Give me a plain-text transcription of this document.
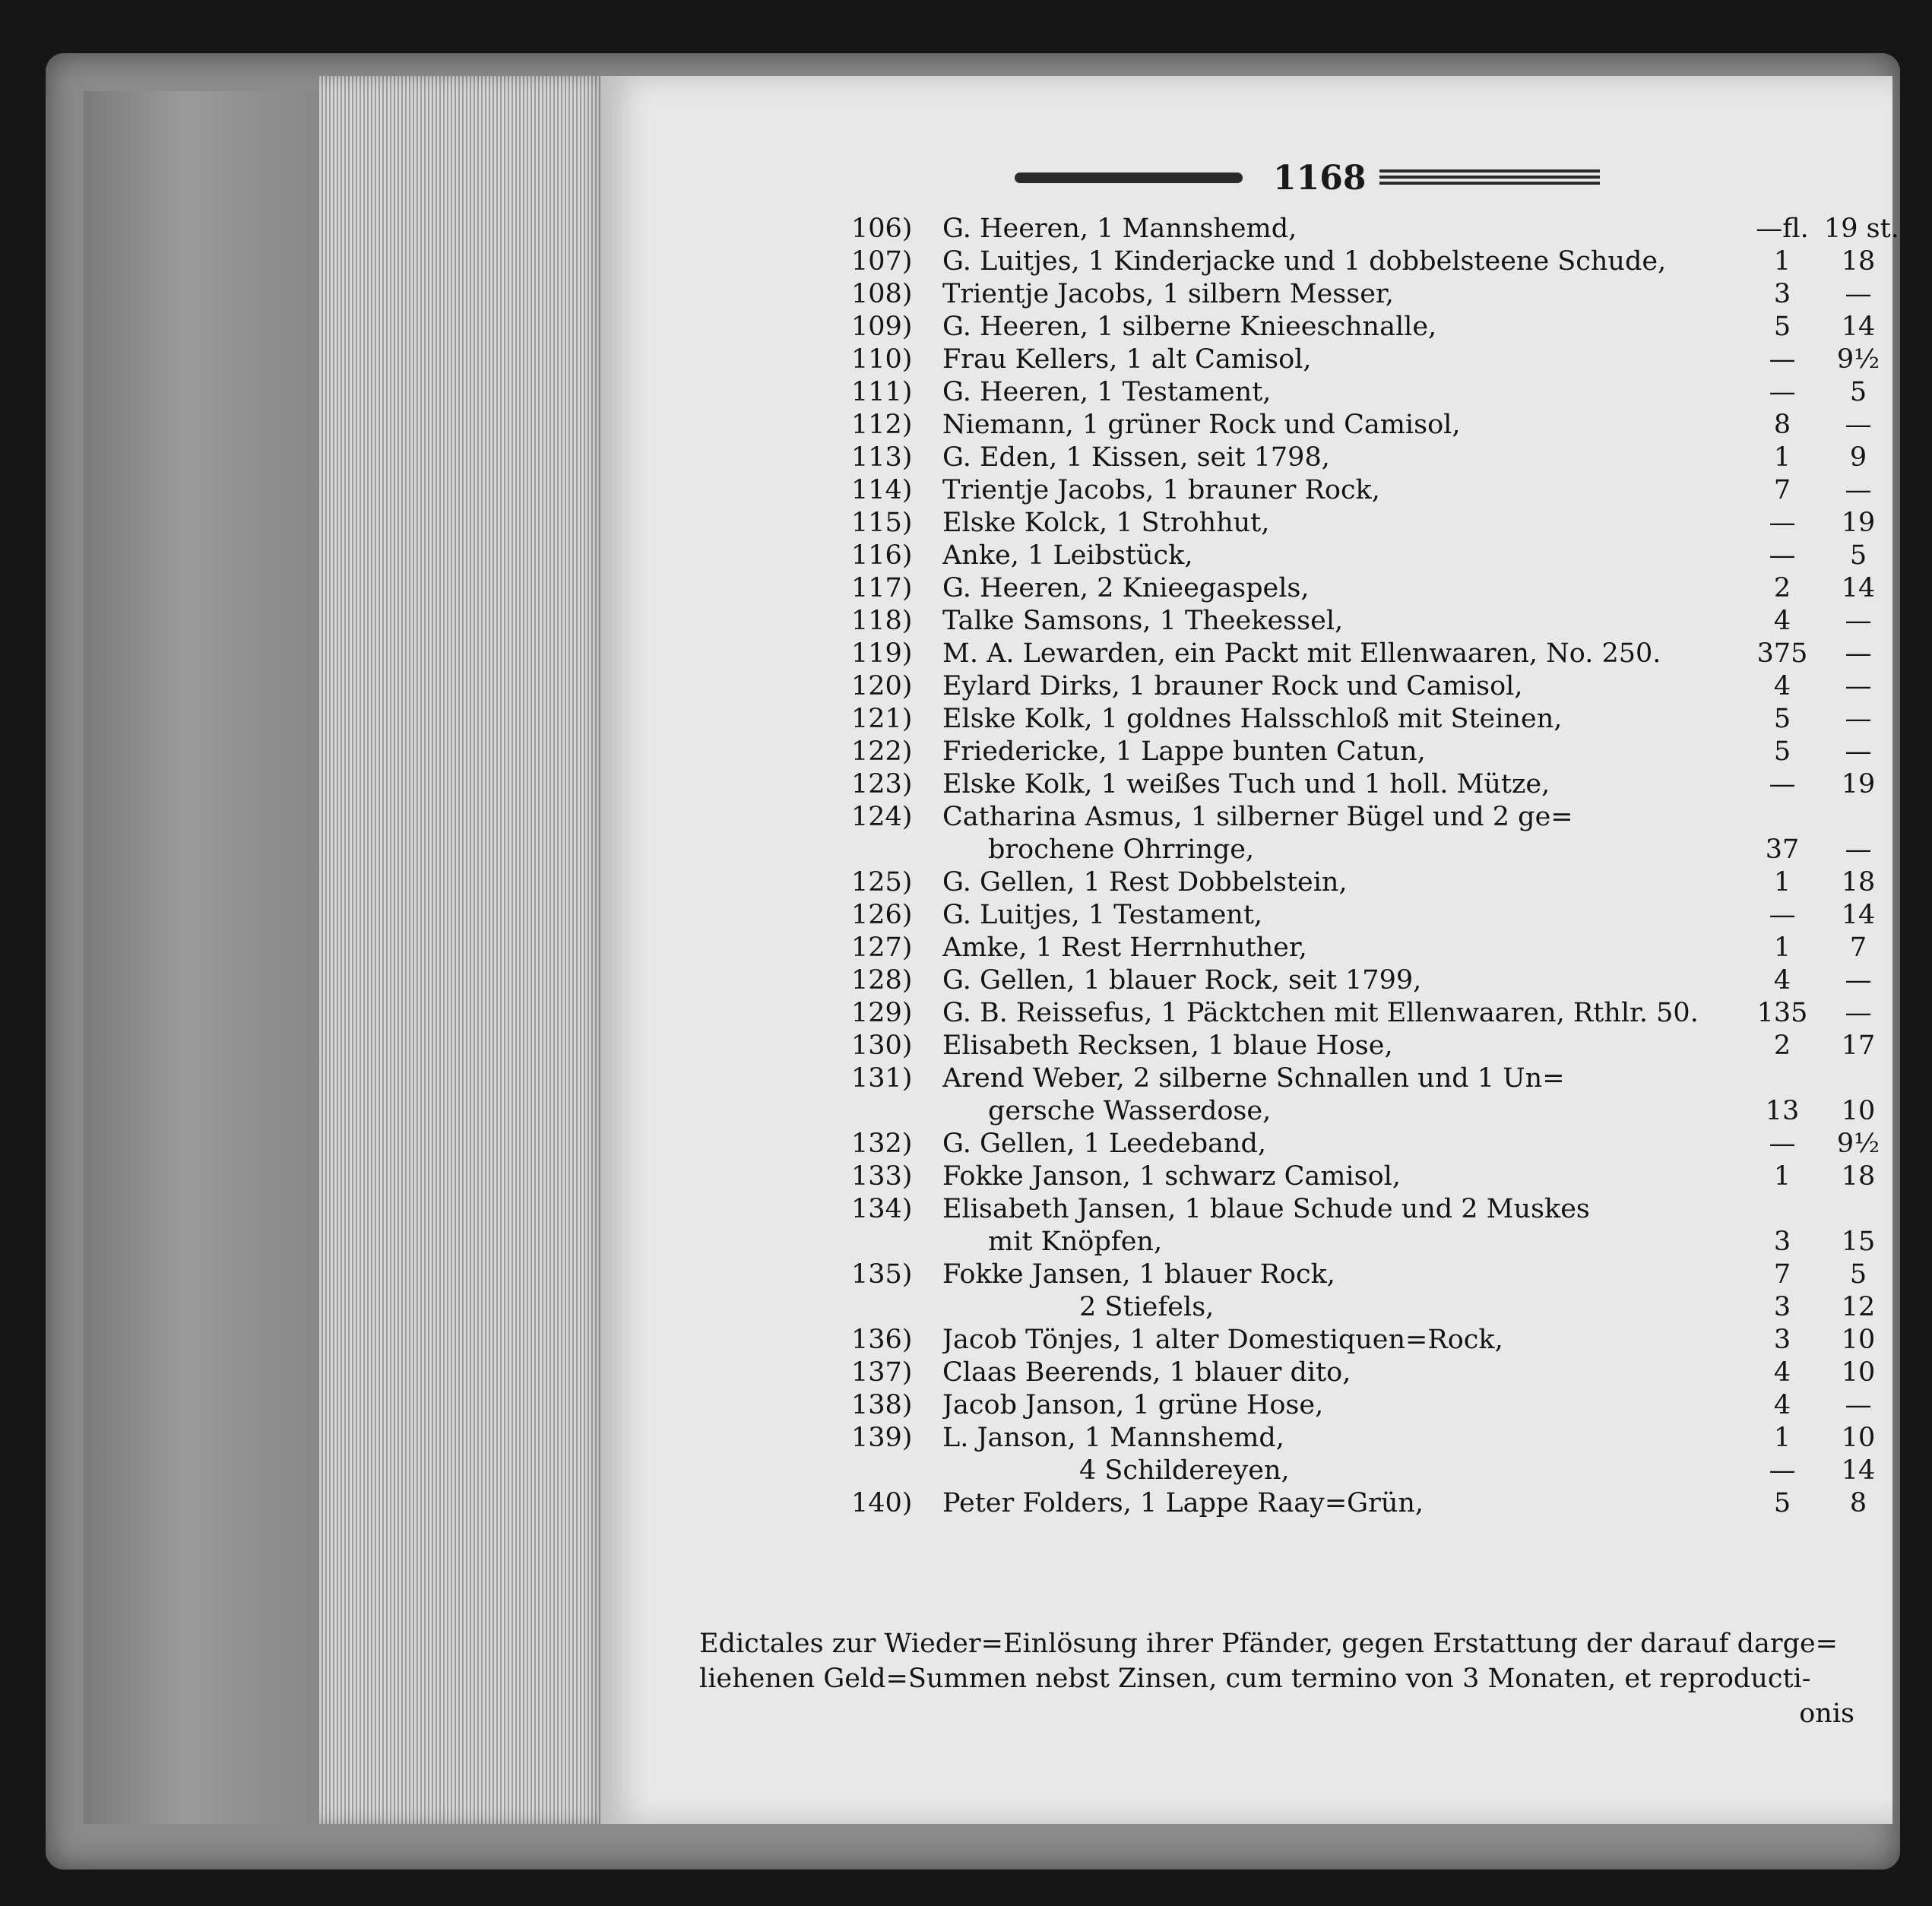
1168
106)	G. Heeren, 1 Mannshemd,	—fl. 19 st.
107)	G. Luitjes, 1 Kinderjacke und 1 dobbelsteene Schude,	1	18
108)	Trientje Jacobs, 1 silbern Messer,	3	—
109)	G. Heeren, 1 silberne Knieeschnalle,	5	14
110)	Frau Kellers, 1 alt Camisol,	—	9½
111)	G. Heeren, 1 Testament,	—	5
112)	Niemann, 1 grüner Rock und Camisol,	8	—
113)	G. Eden, 1 Kissen, seit 1798,	1	9
114)	Trientje Jacobs, 1 brauner Rock,	7	—
115)	Elske Kolck, 1 Strohhut,	—	19
116)	Anke, 1 Leibstück,	—	5
117)	G. Heeren, 2 Knieegaspels,	2	14
118)	Talke Samsons, 1 Theekessel,	4	—
119)	M. A. Lewarden, ein Packt mit Ellenwaaren, No. 250.	375	—
120)	Eylard Dirks, 1 brauner Rock und Camisol,	4	—
121)	Elske Kolk, 1 goldnes Halsschloß mit Steinen,	5	—
122)	Friedericke, 1 Lappe bunten Catun,	5	—
123)	Elske Kolk, 1 weißes Tuch und 1 holl. Mütze,	—	19
124)	Catharina Asmus, 1 silberner Bügel und 2 ge=
brochene Ohrringe,	37	—
125)	G. Gellen, 1 Rest Dobbelstein,	1	18
126)	G. Luitjes, 1 Testament,	—	14
127)	Amke, 1 Rest Herrnhuther,	1	7
128)	G. Gellen, 1 blauer Rock, seit 1799,	4	—
129)	G. B. Reissefus, 1 Päcktchen mit Ellenwaaren, Rthlr. 50.	135	—
130)	Elisabeth Recksen, 1 blaue Hose,	2	17
131)	Arend Weber, 2 silberne Schnallen und 1 Un=
gersche Wasserdose,	13	10
132)	G. Gellen, 1 Leedeband,	—	9½
133)	Fokke Janson, 1 schwarz Camisol,	1	18
134)	Elisabeth Jansen, 1 blaue Schude und 2 Muskes
mit Knöpfen,	3	15
135)	Fokke Jansen, 1 blauer Rock,	7	5
2 Stiefels,	3	12
136)	Jacob Tönjes, 1 alter Domestiquen=Rock,	3	10
137)	Claas Beerends, 1 blauer dito,	4	10
138)	Jacob Janson, 1 grüne Hose,	4	—
139)	L. Janson, 1 Mannshemd,	1	10
4 Schildereyen,	—	14
140)	Peter Folders, 1 Lappe Raay=Grün,	5	8
Edictales zur Wieder=Einlösung ihrer Pfänder, gegen Erstattung der darauf darge=
liehenen Geld=Summen nebst Zinsen, cum termino von 3 Monaten, et reproducti-
onis
